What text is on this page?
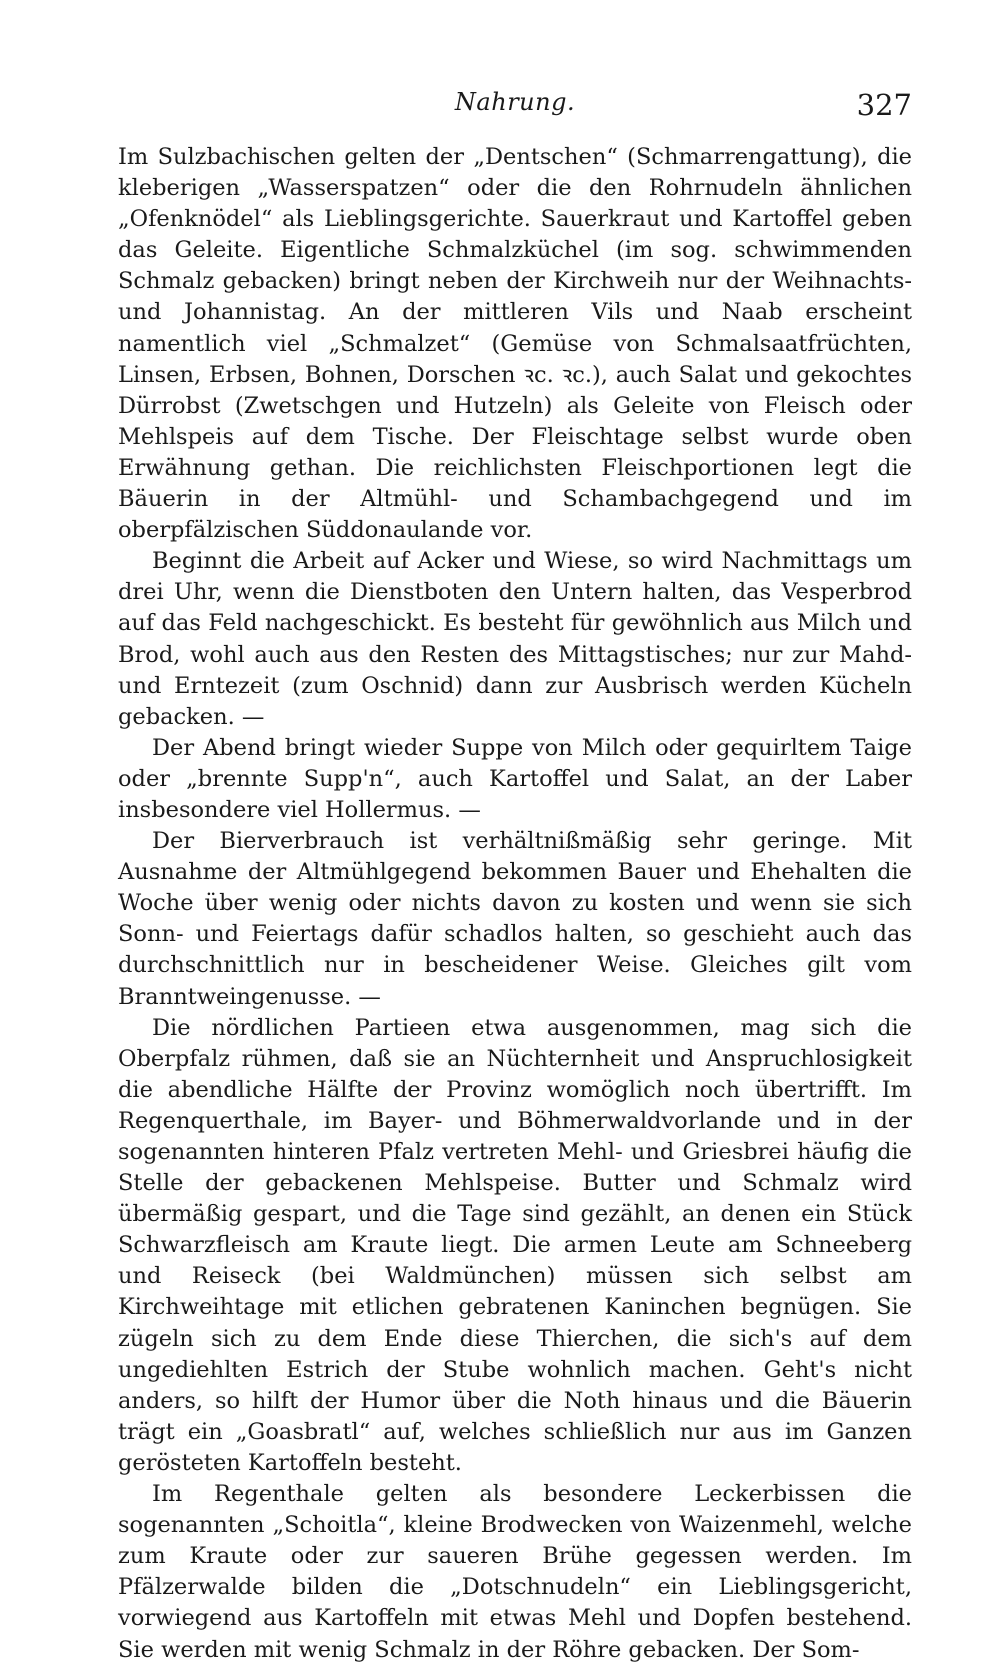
Nahrung.	327

Im Sulzbachischen gelten der „Dentschen“ (Schmarrengattung), die kleberigen „Wasserspatzen“ oder die den Rohrnudeln ähnlichen „Ofenknödel“ als Lieblingsgerichte. Sauerkraut und Kartoffel geben das Geleite. Eigentliche Schmalzküchel (im sog. schwimmenden Schmalz gebacken) bringt neben der Kirchweih nur der Weihnachts- und Johannistag. An der mittleren Vils und Naab erscheint namentlich viel „Schmalzet“ (Gemüse von Schmalsaatfrüchten, Linsen, Erbsen, Bohnen, Dorschen ꝛc. ꝛc.), auch Salat und gekochtes Dürrobst (Zwetschgen und Hutzeln) als Geleite von Fleisch oder Mehlspeis auf dem Tische. Der Fleischtage selbst wurde oben Erwähnung gethan. Die reichlichsten Fleischportionen legt die Bäuerin in der Altmühl- und Schambachgegend und im oberpfälzischen Süddonaulande vor.

Beginnt die Arbeit auf Acker und Wiese, so wird Nachmittags um drei Uhr, wenn die Dienstboten den Untern halten, das Vesperbrod auf das Feld nachgeschickt. Es besteht für gewöhnlich aus Milch und Brod, wohl auch aus den Resten des Mittagstisches; nur zur Mahd- und Erntezeit (zum Oschnid) dann zur Ausbrisch werden Kücheln gebacken. —

Der Abend bringt wieder Suppe von Milch oder gequirltem Taige oder „brennte Supp'n“, auch Kartoffel und Salat, an der Laber insbesondere viel Hollermus. —

Der Bierverbrauch ist verhältnißmäßig sehr geringe. Mit Ausnahme der Altmühlgegend bekommen Bauer und Ehehalten die Woche über wenig oder nichts davon zu kosten und wenn sie sich Sonn- und Feiertags dafür schadlos halten, so geschieht auch das durchschnittlich nur in bescheidener Weise. Gleiches gilt vom Branntweingenusse. —

Die nördlichen Partieen etwa ausgenommen, mag sich die Oberpfalz rühmen, daß sie an Nüchternheit und Anspruchlosigkeit die abendliche Hälfte der Provinz womöglich noch übertrifft. Im Regenquerthale, im Bayer- und Böhmerwaldvorlande und in der sogenannten hinteren Pfalz vertreten Mehl- und Griesbrei häufig die Stelle der gebackenen Mehlspeise. Butter und Schmalz wird übermäßig gespart, und die Tage sind gezählt, an denen ein Stück Schwarzfleisch am Kraute liegt. Die armen Leute am Schneeberg und Reiseck (bei Waldmünchen) müssen sich selbst am Kirchweihtage mit etlichen gebratenen Kaninchen begnügen. Sie zügeln sich zu dem Ende diese Thierchen, die sich's auf dem ungediehlten Estrich der Stube wohnlich machen. Geht's nicht anders, so hilft der Humor über die Noth hinaus und die Bäuerin trägt ein „Goasbratl“ auf, welches schließlich nur aus im Ganzen gerösteten Kartoffeln besteht.

Im Regenthale gelten als besondere Leckerbissen die sogenannten „Schoitla“, kleine Brodwecken von Waizenmehl, welche zum Kraute oder zur saueren Brühe gegessen werden. Im Pfälzerwalde bilden die „Dotschnudeln“ ein Lieblingsgericht, vorwiegend aus Kartoffeln mit etwas Mehl und Dopfen bestehend. Sie werden mit wenig Schmalz in der Röhre gebacken. Der Som-
